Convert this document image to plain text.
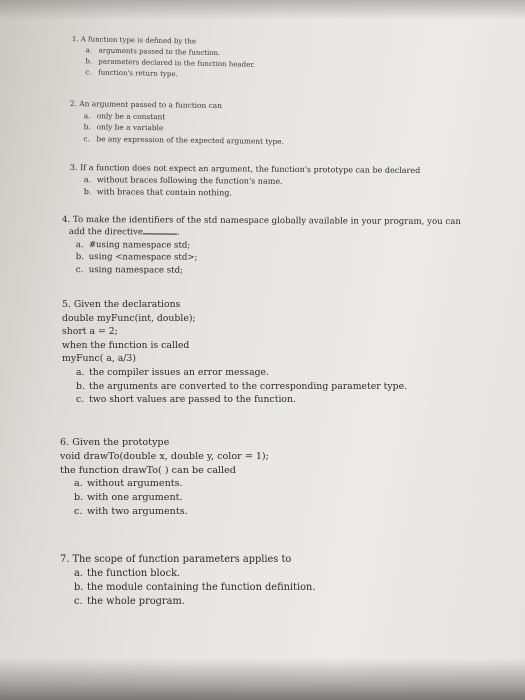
1. A function type is defined by the
a. arguments passed to the function.
b. parameters declared in the function header.
c. function's return type.
2. An argument passed to a function can
a. only be a constant
b. only be a variable
c. be any expression of the expected argument type.
3. If a function does not expect an argument, the function's prototype can be declared
a. without braces following the function's name.
b. with braces that contain nothing.
4. To make the identifiers of the std namespace globally available in your program, you can
add the directive	.
a. #using namespace std;
b. using <namespace std>;
c. using namespace std;
5. Given the declarations
double myFunc(int, double);
short a = 2;
when the function is called
myFunc( a, a/3)
a. the compiler issues an error message.
b. the arguments are converted to the corresponding parameter type.
c. two short values are passed to the function.
6. Given the prototype
void drawTo(double x, double y, color = 1);
the function drawTo( ) can be called
a. without arguments.
b. with one argument.
c. with two arguments.
7. The scope of function parameters applies to
a. the function block.
b. the module containing the function definition.
c. the whole program.
